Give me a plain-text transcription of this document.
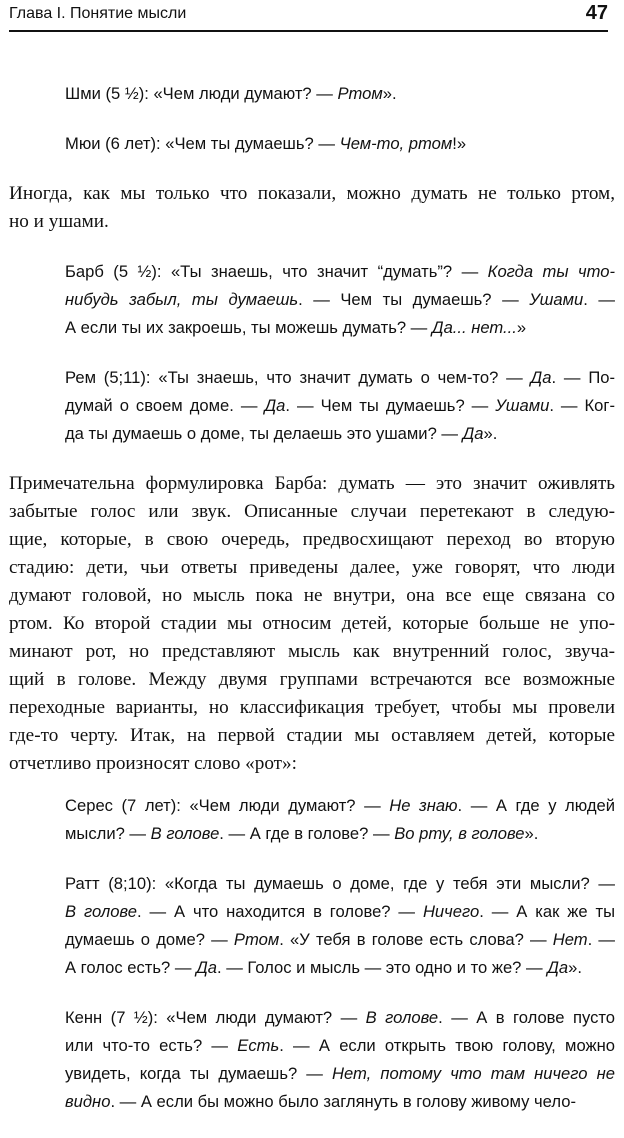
Глава I. Понятие мысли	47
Шми (5 ½): «Чем люди думают? — Ртом».
Мюи (6 лет): «Чем ты думаешь? — Чем-то, ртом!»
Иногда, как мы только что показали, можно думать не только ртом,
но и ушами.
Барб (5 ½): «Ты знаешь, что значит “думать”? — Когда ты что-
нибудь забыл, ты думаешь. — Чем ты думаешь? — Ушами. —
А если ты их закроешь, ты можешь думать? — Да... нет...»
Рем (5;11): «Ты знаешь, что значит думать о чем-то? — Да. — По-
думай о своем доме. — Да. — Чем ты думаешь? — Ушами. — Ког-
да ты думаешь о доме, ты делаешь это ушами? — Да».
Примечательна формулировка Барба: думать — это значит оживлять
забытые голос или звук. Описанные случаи перетекают в следую-
щие, которые, в свою очередь, предвосхищают переход во вторую
стадию: дети, чьи ответы приведены далее, уже говорят, что люди
думают головой, но мысль пока не внутри, она все еще связана со
ртом. Ко второй стадии мы относим детей, которые больше не упо-
минают рот, но представляют мысль как внутренний голос, звуча-
щий в голове. Между двумя группами встречаются все возможные
переходные варианты, но классификация требует, чтобы мы провели
где-то черту. Итак, на первой стадии мы оставляем детей, которые
отчетливо произносят слово «рот»:
Серес (7 лет): «Чем люди думают? — Не знаю. — А где у людей
мысли? — В голове. — А где в голове? — Во рту, в голове».
Ратт (8;10): «Когда ты думаешь о доме, где у тебя эти мысли? —
В голове. — А что находится в голове? — Ничего. — А как же ты
думаешь о доме? — Ртом. «У тебя в голове есть слова? — Нет. —
А голос есть? — Да. — Голос и мысль — это одно и то же? — Да».
Кенн (7 ½): «Чем люди думают? — В голове. — А в голове пусто
или что-то есть? — Есть. — А если открыть твою голову, можно
увидеть, когда ты думаешь? — Нет, потому что там ничего не
видно. — А если бы можно было заглянуть в голову живому чело-
